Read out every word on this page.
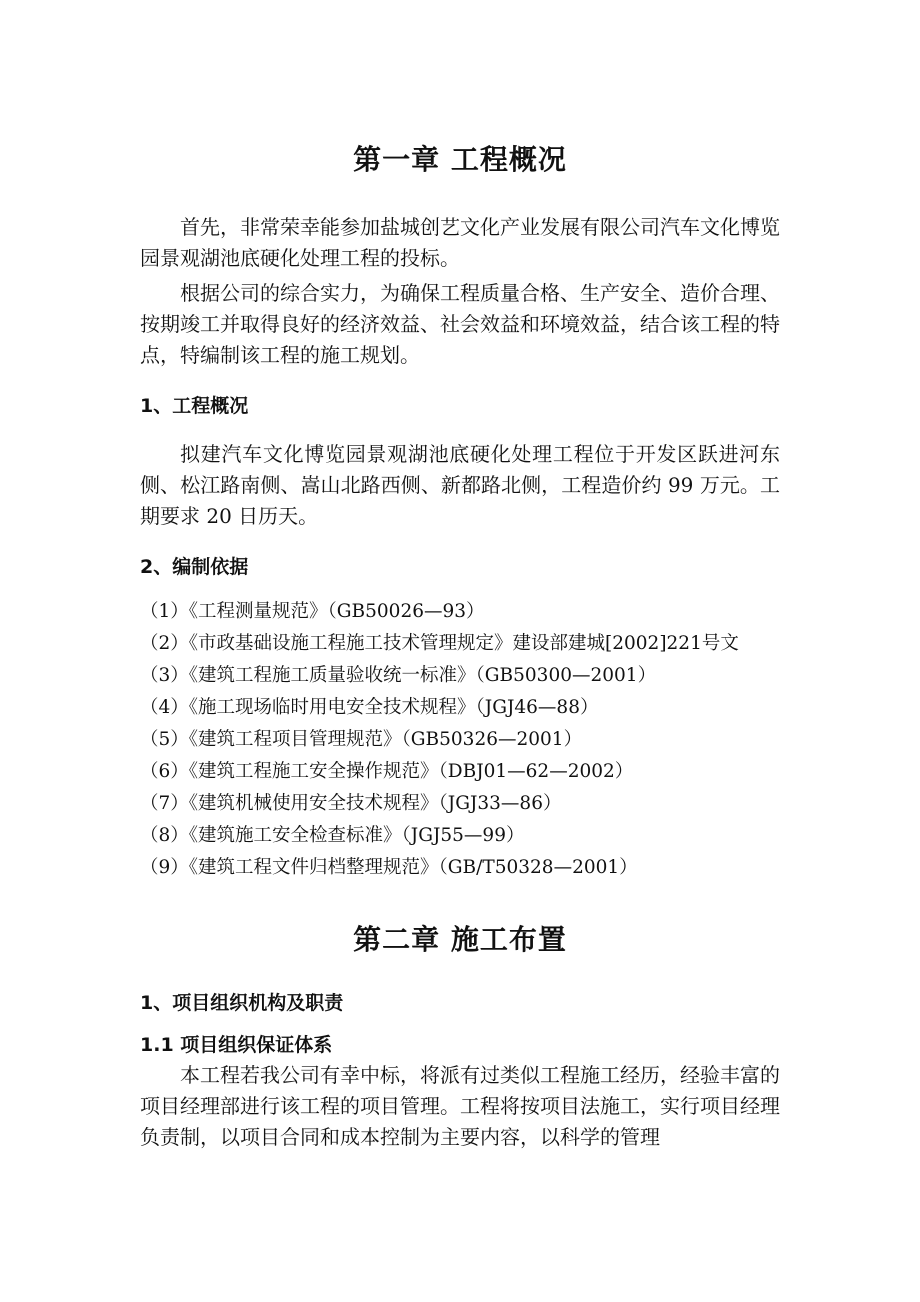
第一章 工程概况

首先，非常荣幸能参加盐城创艺文化产业发展有限公司汽车文化博览园景观湖池底硬化处理工程的投标。

根据公司的综合实力，为确保工程质量合格、生产安全、造价合理、按期竣工并取得良好的经济效益、社会效益和环境效益，结合该工程的特点，特编制该工程的施工规划。

1、工程概况

拟建汽车文化博览园景观湖池底硬化处理工程位于开发区跃进河东侧、松江路南侧、嵩山北路西侧、新都路北侧，工程造价约 99 万元。工期要求 20 日历天。

2、编制依据

（1）《工程测量规范》（GB50026—93）

（2）《市政基础设施工程施工技术管理规定》建设部建城[2002]221号文

（3）《建筑工程施工质量验收统一标准》（GB50300—2001）

（4）《施工现场临时用电安全技术规程》（JGJ46—88）

（5）《建筑工程项目管理规范》（GB50326—2001）

（6）《建筑工程施工安全操作规范》（DBJ01—62—2002）

（7）《建筑机械使用安全技术规程》（JGJ33—86）

（8）《建筑施工安全检查标准》（JGJ55—99）

（9）《建筑工程文件归档整理规范》（GB/T50328—2001）

第二章 施工布置
1、项目组织机构及职责
1.1 项目组织保证体系

本工程若我公司有幸中标，将派有过类似工程施工经历，经验丰富的项目经理部进行该工程的项目管理。工程将按项目法施工，实行项目经理负责制，以项目合同和成本控制为主要内容，以科学的管理
